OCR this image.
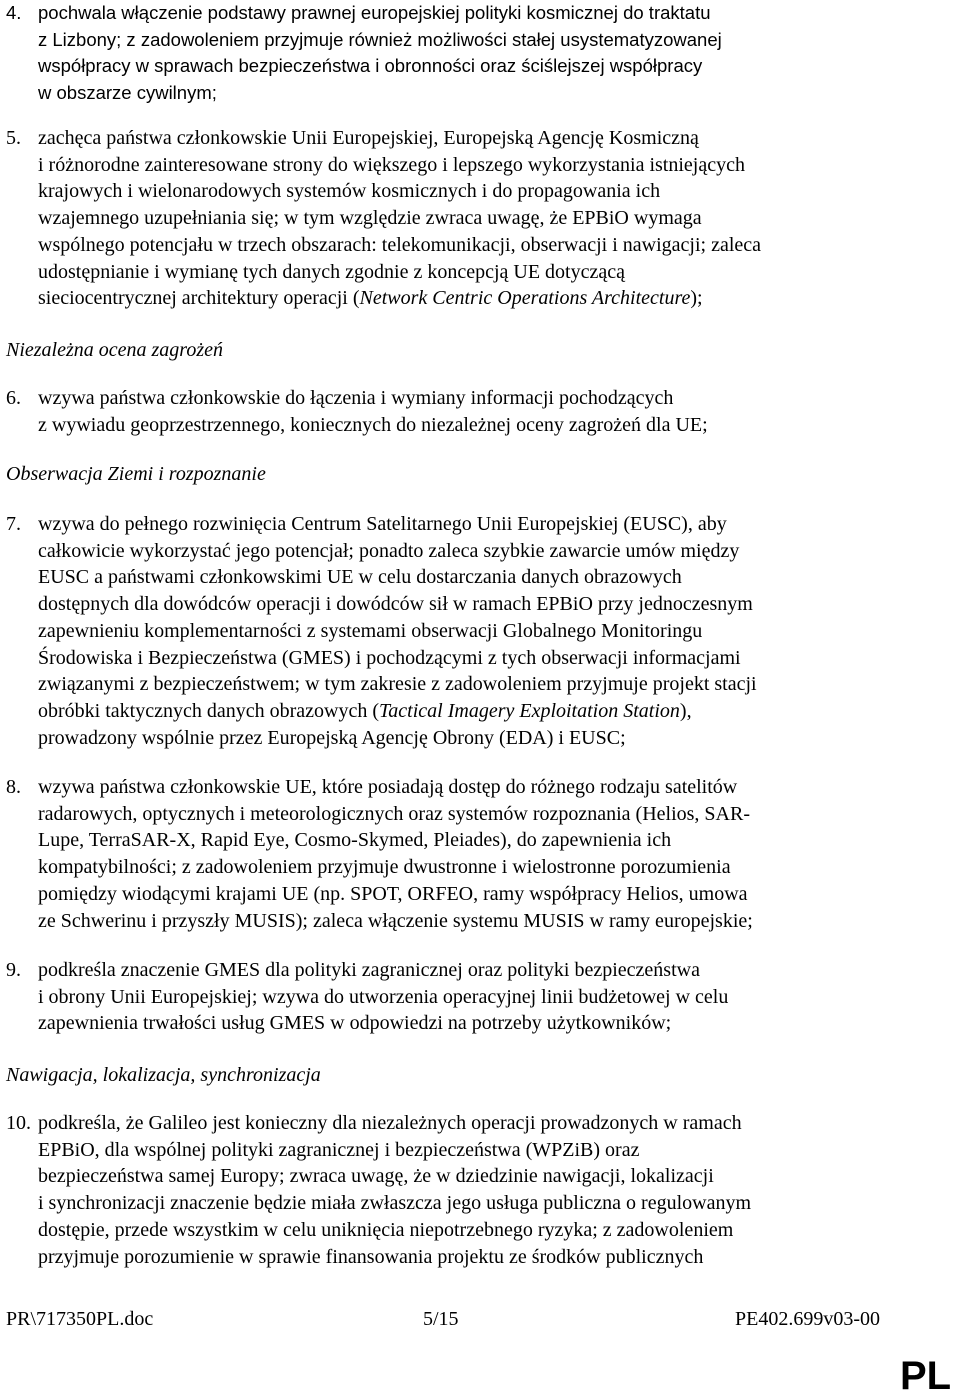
4. pochwala włączenie podstawy prawnej europejskiej polityki kosmicznej do traktatu
z Lizbony; z zadowoleniem przyjmuje również możliwości stałej usystematyzowanej
współpracy w sprawach bezpieczeństwa i obronności oraz ściślejszej współpracy
w obszarze cywilnym;
5. zachęca państwa członkowskie Unii Europejskiej, Europejską Agencję Kosmiczną
i różnorodne zainteresowane strony do większego i lepszego wykorzystania istniejących
krajowych i wielonarodowych systemów kosmicznych i do propagowania ich
wzajemnego uzupełniania się; w tym względzie zwraca uwagę, że EPBiO wymaga
wspólnego potencjału w trzech obszarach: telekomunikacji, obserwacji i nawigacji; zaleca
udostępnianie i wymianę tych danych zgodnie z koncepcją UE dotyczącą
sieciocentrycznej architektury operacji (Network Centric Operations Architecture);
Niezależna ocena zagrożeń
6. wzywa państwa członkowskie do łączenia i wymiany informacji pochodzących
z wywiadu geoprzestrzennego, koniecznych do niezależnej oceny zagrożeń dla UE;
Obserwacja Ziemi i rozpoznanie
7. wzywa do pełnego rozwinięcia Centrum Satelitarnego Unii Europejskiej (EUSC), aby
całkowicie wykorzystać jego potencjał; ponadto zaleca szybkie zawarcie umów między
EUSC a państwami członkowskimi UE w celu dostarczania danych obrazowych
dostępnych dla dowódców operacji i dowódców sił w ramach EPBiO przy jednoczesnym
zapewnieniu komplementarności z systemami obserwacji Globalnego Monitoringu
Środowiska i Bezpieczeństwa (GMES) i pochodzącymi z tych obserwacji informacjami
związanymi z bezpieczeństwem; w tym zakresie z zadowoleniem przyjmuje projekt stacji
obróbki taktycznych danych obrazowych (Tactical Imagery Exploitation Station),
prowadzony wspólnie przez Europejską Agencję Obrony (EDA) i EUSC;
8. wzywa państwa członkowskie UE, które posiadają dostęp do różnego rodzaju satelitów
radarowych, optycznych i meteorologicznych oraz systemów rozpoznania (Helios, SAR-
Lupe, TerraSAR-X, Rapid Eye, Cosmo-Skymed, Pleiades), do zapewnienia ich
kompatybilności; z zadowoleniem przyjmuje dwustronne i wielostronne porozumienia
pomiędzy wiodącymi krajami UE (np. SPOT, ORFEO, ramy współpracy Helios, umowa
ze Schwerinu i przyszły MUSIS); zaleca włączenie systemu MUSIS w ramy europejskie;
9. podkreśla znaczenie GMES dla polityki zagranicznej oraz polityki bezpieczeństwa
i obrony Unii Europejskiej; wzywa do utworzenia operacyjnej linii budżetowej w celu
zapewnienia trwałości usług GMES w odpowiedzi na potrzeby użytkowników;
Nawigacja, lokalizacja, synchronizacja
10. podkreśla, że Galileo jest konieczny dla niezależnych operacji prowadzonych w ramach
EPBiO, dla wspólnej polityki zagranicznej i bezpieczeństwa (WPZiB) oraz
bezpieczeństwa samej Europy; zwraca uwagę, że w dziedzinie nawigacji, lokalizacji
i synchronizacji znaczenie będzie miała zwłaszcza jego usługa publiczna o regulowanym
dostępie, przede wszystkim w celu uniknięcia niepotrzebnego ryzyka; z zadowoleniem
przyjmuje porozumienie w sprawie finansowania projektu ze środków publicznych
PR\717350PL.doc	5/15	PE402.699v03-00
PL
